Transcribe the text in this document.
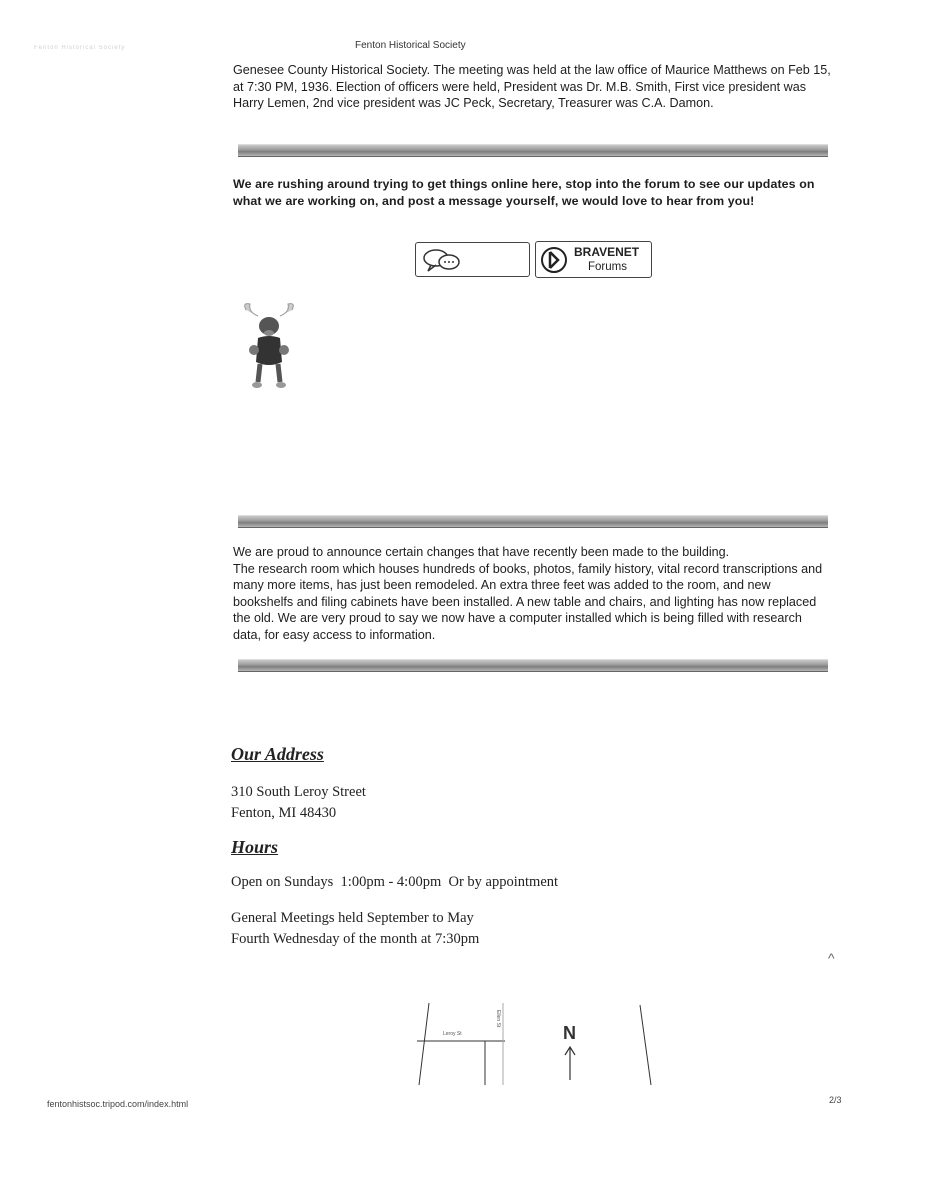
Fenton Historical Society	Fenton Historical Society
Genesee County Historical Society. The meeting was held at the law office of Maurice Matthews on Feb 15, at 7:30 PM, 1936. Election of officers were held, President was Dr. M.B. Smith, First vice president was Harry Lemen, 2nd vice president was JC Peck, Secretary, Treasurer was C.A. Damon.
We are rushing around trying to get things online here, stop into the forum to see our updates on what we are working on, and post a message yourself, we would love to hear from you!
BRAVENET
Forums
We are proud to announce certain changes that have recently been made to the building.
The research room which houses hundreds of books, photos, family history, vital record transcriptions and many more items, has just been remodeled. An extra three feet was added to the room, and new bookshelfs and filing cabinets have been installed. A new table and chairs, and lighting has now replaced the old. We are very proud to say we now have a computer installed which is being filled with research data, for easy access to information.
Our Address
310 South Leroy Street
Fenton, MI 48430
Hours
Open on Sundays  1:00pm - 4:00pm  Or by appointment
General Meetings held September to May
Fourth Wednesday of the month at 7:30pm
^
Leroy St
Ellen St
N
fentonhistsoc.tripod.com/index.html	2/3
